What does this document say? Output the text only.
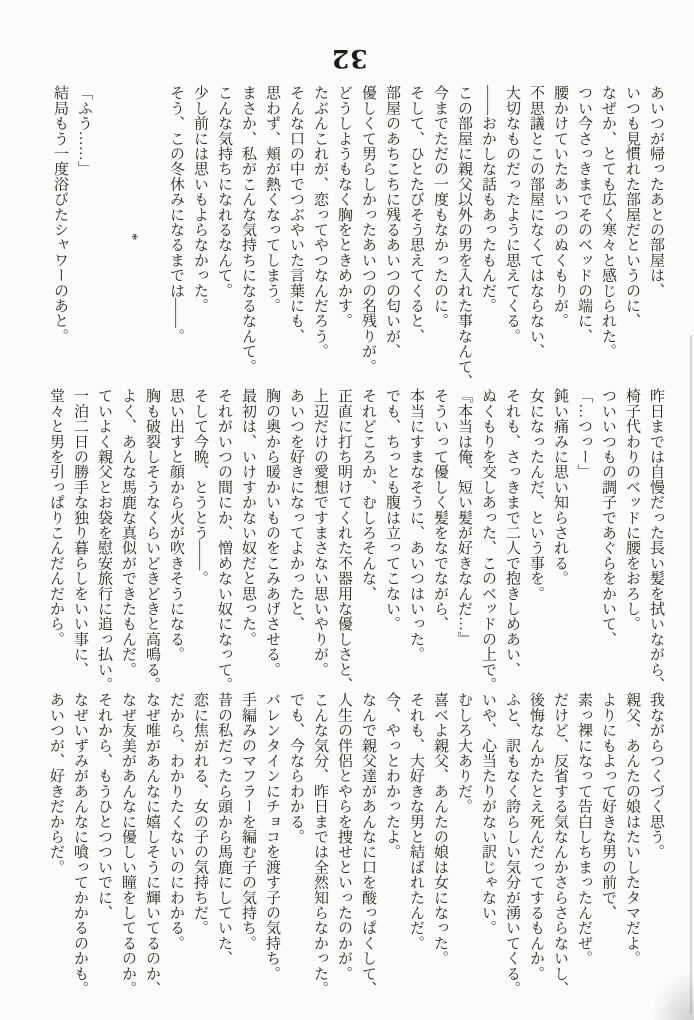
32

あいつが帰ったあとの部屋は、

いつも見慣れた部屋だというのに、

なぜか、とても広く寒々と感じられた。

つい今さっきまでそのベッドの端に、

腰かけていたあいつのぬくもりが。

不思議とこの部屋になくてはならない、

大切なものだったように思えてくる。

――おかしな話もあったもんだ。

この部屋に親父以外の男を入れた事なんて、

今までただの一度もなかったのに。

そして、ひとたびそう思えてくると、

部屋のあちこちに残るあいつの匂いが、

優しくて男らしかったあいつの名残りが。

どうしようもなく胸をときめかす。

たぶんこれが、恋ってやつなんだろう。

そんな口の中でつぶやいた言葉にも、

思わず、頬が熱くなってしまう。

まさか、私がこんな気持ちになるなんて。

こんな気持ちになれるなんて。

少し前には思いもよらなかった。

そう、この冬休みになるまでは――。

*

「ふう……」

結局もう一度浴びたシャワーのあと。

昨日までは自慢だった長い髪を拭いながら、

椅子代わりのベッドに腰をおろし。

ついいつもの調子であぐらをかいて、

「…つっー」

鈍い痛みに思い知らされる。

女になったんだ、という事を。

それも、さっきまで二人で抱きしめあい、

ぬくもりを交しあった、このベッドの上で。

『本当は俺、短い髪が好きなんだ…』

そういって優しく髪をなでながら、

本当にすまなそうに、あいつはいった。

でも、ちっとも腹は立ってこない。

それどころか、むしろそんな、

正直に打ち明けてくれた不器用な優しさと、

上辺だけの愛想ですまさない思いやりが。

あいつを好きになってよかったと、

胸の奥から暖かいものをこみあげさせる。

最初は、いけすかない奴だと思った。

それがいつの間にか、憎めない奴になって。

そして今晩、とうとう――。

思い出すと顔から火が吹きそうになる。

胸も破裂しそうなくらいどきどきと高鳴る。

よく、あんな馬鹿な真似ができたもんだ。

ていよく親父とお袋を慰安旅行に追っ払い。

一泊二日の勝手な独り暮らしをいい事に、

堂々と男を引っぱりこんだんだから。

我ながらつくづく思う。

親父、あんたの娘はたいしたタマだよ。

よりにもよって好きな男の前で、

素っ裸になって告白しちまったんだぜ。

だけど、反省する気なんかさらさらないし、

後悔なんかたとえ死んだってするもんか。

ふと、訳もなく誇らしい気分が湧いてくる。

いや、心当たりがない訳じゃない。

むしろ大ありだ。

喜べよ親父、あんたの娘は女になった。

それも、大好きな男と結ばれたんだ。

今、やっとわかったよ。

なんで親父達があんなに口を酸っぱくして、

人生の伴侶とやらを捜せといったのかが。

こんな気分、昨日までは全然知らなかった。

でも、今ならわかる。

バレンタインにチョコを渡す子の気持ち。

手編みのマフラーを編む子の気持ち。

昔の私だったら頭から馬鹿にしていた、

恋に焦がれる、女の子の気持ちだ。

だから、わかりたくないのにわかる。

なぜ唯があんなに嬉しそうに輝いてるのか、

なぜ友美があんなに優しい瞳をしてるのか。

それから、もうひとつついでに、

なぜいずみがあんなに喰ってかかるのかも。

あいつが、好きだからだ。
